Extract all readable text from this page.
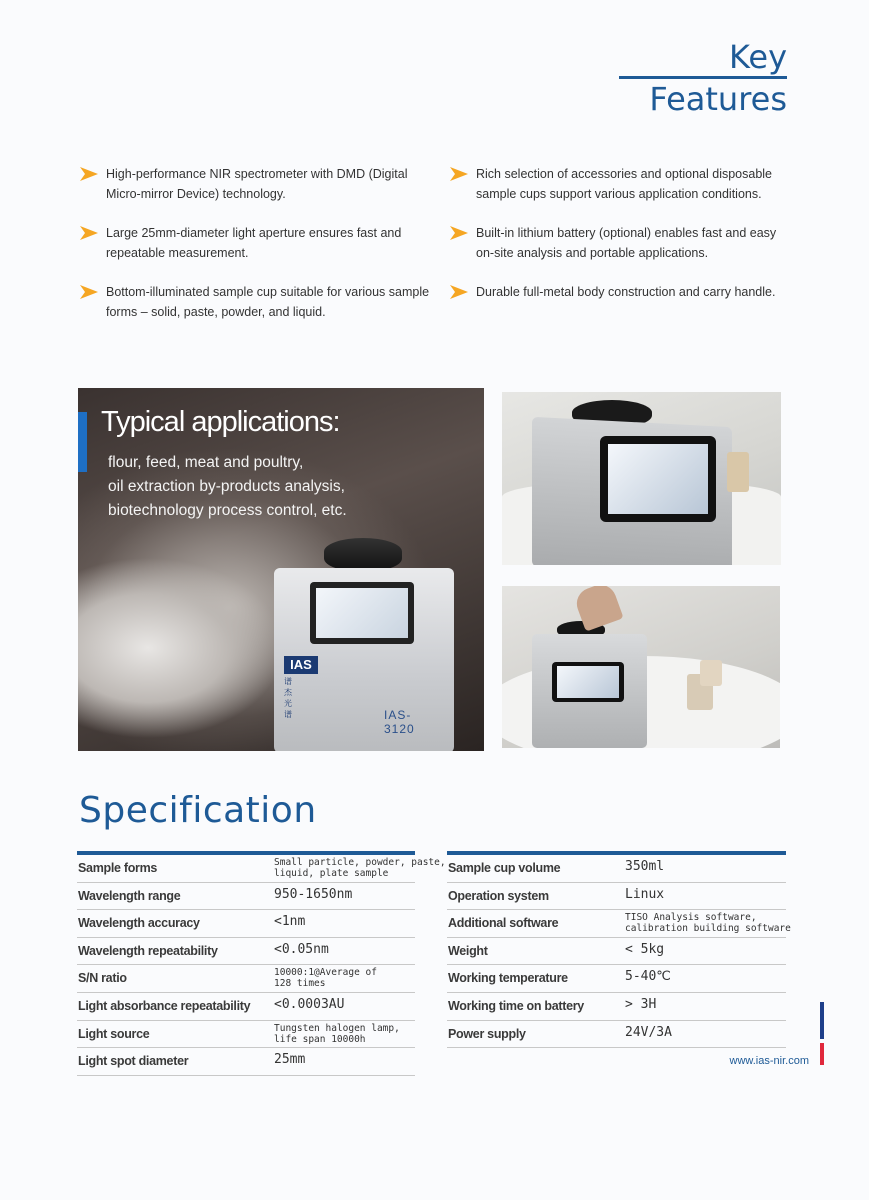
Key
Features
High-performance NIR spectrometer with DMD (Digital Micro-mirror Device) technology.
Rich selection of accessories and optional disposable sample cups support various application conditions.
Large 25mm-diameter light aperture ensures fast and repeatable measurement.
Built-in lithium battery (optional) enables fast and easy on-site analysis and portable applications.
Bottom-illuminated sample cup suitable for various sample forms – solid, paste, powder, and liquid.
Durable full-metal body construction and carry handle.
Typical applications:
flour, feed, meat and poultry,
oil extraction by-products analysis,
biotechnology process control, etc.
IAS
谱杰光谱	IAS-3120
Specification
Sample forms	Small particle, powder, paste,
liquid, plate sample
Wavelength range	950-1650nm
Wavelength accuracy	<1nm
Wavelength repeatability	<0.05nm
S/N ratio	10000:1@Average of
128 times
Light absorbance repeatability <0.0003AU
Light source	Tungsten halogen lamp,
life span 10000h
Light spot diameter	25mm
Sample cup volume	350ml
Operation system	Linux
Additional software	TISO Analysis software,
calibration building software
Weight	< 5kg
Working temperature	5-40℃
Working time on battery	> 3H
Power supply	24V/3A
www.ias-nir.com
